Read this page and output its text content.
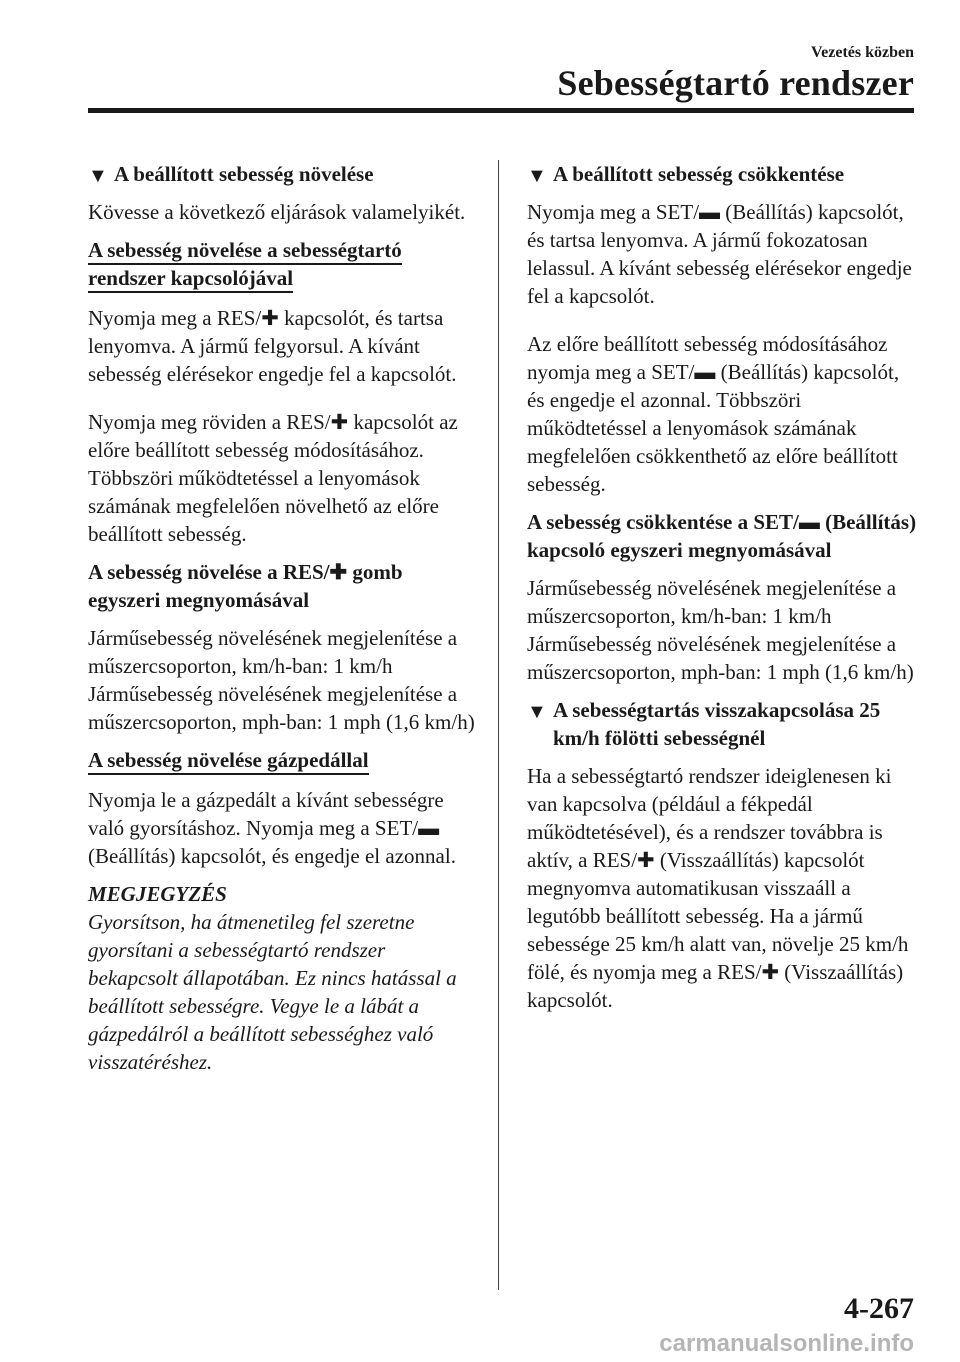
Vezetés közben
Sebességtartó rendszer
▼ A beállított sebesség növelése

Kövesse a következő eljárások valamelyikét.

A sebesség növelése a sebességtartó rendszer kapcsolójával

Nyomja meg a RES/✚ kapcsolót, és tartsa lenyomva. A jármű felgyorsul. A kívánt sebesség elérésekor engedje fel a kapcsolót.

Nyomja meg röviden a RES/✚ kapcsolót az előre beállított sebesség módosításához. Többszöri működtetéssel a lenyomások számának megfelelően növelhető az előre beállított sebesség.

A sebesség növelése a RES/✚ gomb egyszeri megnyomásával

Járműsebesség növelésének megjelenítése a műszercsoporton, km/h-ban: 1 km/h Járműsebesség növelésének megjelenítése a műszercsoporton, mph-ban: 1 mph (1,6 km/h)

A sebesség növelése gázpedállal

Nyomja le a gázpedált a kívánt sebességre való gyorsításhoz. Nyomja meg a SET/▬ (Beállítás) kapcsolót, és engedje el azonnal.

MEGJEGYZÉS

Gyorsítson, ha átmenetileg fel szeretne gyorsítani a sebességtartó rendszer bekapcsolt állapotában. Ez nincs hatással a beállított sebességre. Vegye le a lábát a gázpedálról a beállított sebességhez való visszatéréshez.

▼ A beállított sebesség csökkentése

Nyomja meg a SET/▬ (Beállítás) kapcsolót, és tartsa lenyomva. A jármű fokozatosan lelassul. A kívánt sebesség elérésekor engedje fel a kapcsolót.

Az előre beállított sebesség módosításához nyomja meg a SET/▬ (Beállítás) kapcsolót, és engedje el azonnal. Többszöri működtetéssel a lenyomások számának megfelelően csökkenthető az előre beállított sebesség.

A sebesség csökkentése a SET/▬ (Beállítás) kapcsoló egyszeri megnyomásával

Járműsebesség növelésének megjelenítése a műszercsoporton, km/h-ban: 1 km/h Járműsebesség növelésének megjelenítése a műszercsoporton, mph-ban: 1 mph (1,6 km/h)

▼ A sebességtartás visszakapcsolása 25 km/h fölötti sebességnél

Ha a sebességtartó rendszer ideiglenesen ki van kapcsolva (például a fékpedál működtetésével), és a rendszer továbbra is aktív, a RES/✚ (Visszaállítás) kapcsolót megnyomva automatikusan visszaáll a legutóbb beállított sebesség. Ha a jármű sebessége 25 km/h alatt van, növelje 25 km/h fölé, és nyomja meg a RES/✚ (Visszaállítás) kapcsolót.

4-267
carmanualsonline.info
